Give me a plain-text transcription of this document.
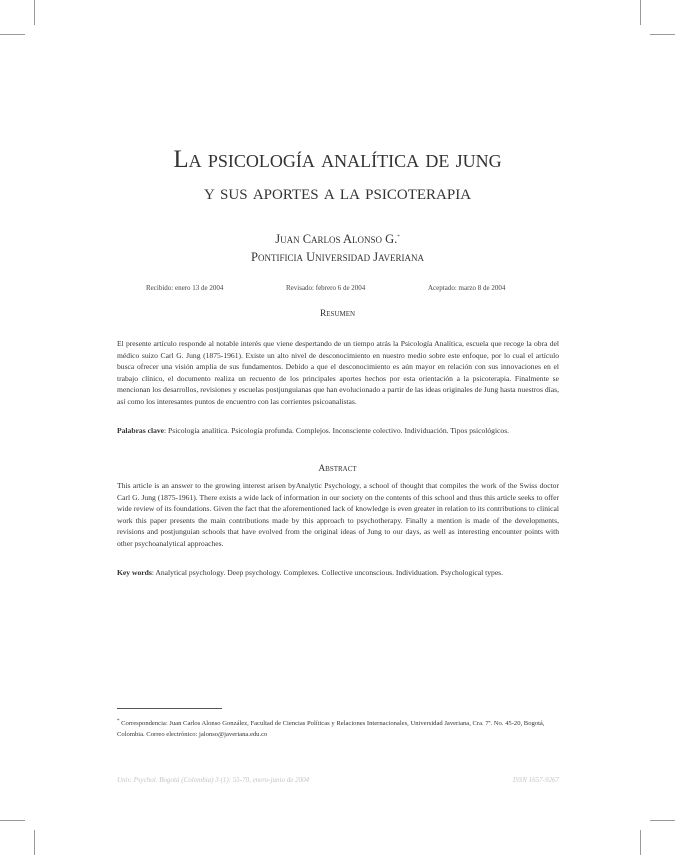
La psicología analítica de jung
y sus aportes a la psicoterapia
Juan Carlos Alonso G.*
Pontificia Universidad Javeriana
Recibido: enero 13 de 2004	Revisado: febrero 6 de 2004	Aceptado: marzo 8 de 2004
Resumen

El presente artículo responde al notable interés que viene despertando de un tiempo atrás la Psicología Analítica, escuela que recoge la obra del médico suizo Carl G. Jung (1875-1961). Existe un alto nivel de desconocimiento en nuestro medio sobre este enfoque, por lo cual el artículo busca ofrecer una visión amplia de sus fundamentos. Debido a que el desconocimiento es aún mayor en relación con sus innovaciones en el trabajo clínico, el documento realiza un recuento de los principales aportes hechos por esta orientación a la psicoterapia. Finalmente se mencionan los desarrollos, revisiones y escuelas postjunguianas que han evolucionado a partir de las ideas originales de Jung hasta nuestros días, así como los interesantes puntos de encuentro con las corrientes psicoanalistas.

Palabras clave: Psicología analítica. Psicología profunda. Complejos. Inconsciente colectivo. Individuación. Tipos psicológicos.

Abstract

This article is an answer to the growing interest arisen byAnalytic Psychology, a school of thought that compiles the work of the Swiss doctor Carl G. Jung (1875-1961). There exists a wide lack of information in our society on the contents of this school and thus this article seeks to offer wide review of its foundations. Given the fact that the aforementioned lack of knowledge is even greater in relation to its contributions to clinical work this paper presents the main contributions made by this approach to psychotherapy. Finally a mention is made of the developments, revisions and postjunguian schools that have evolved from the original ideas of Jung to our days, as well as interesting encounter points with other psychoanalytical approaches.

Key words: Analytical psychology. Deep psychology. Complexes. Collective unconscious. Individuation. Psychological types.

* Correspondencia: Juan Carlos Alonso González, Facultad de Ciencias Políticas y Relaciones Internacionales, Universidad Javeriana, Cra. 7ª. No. 45-20, Bogotá, Colombia. Correo electrónico: jalonso@javeriana.edu.co

Univ. Psychol. Bogotá (Colombia) 3 (1): 55-70, enero-junio de 2004	ISSN 1657-9267
